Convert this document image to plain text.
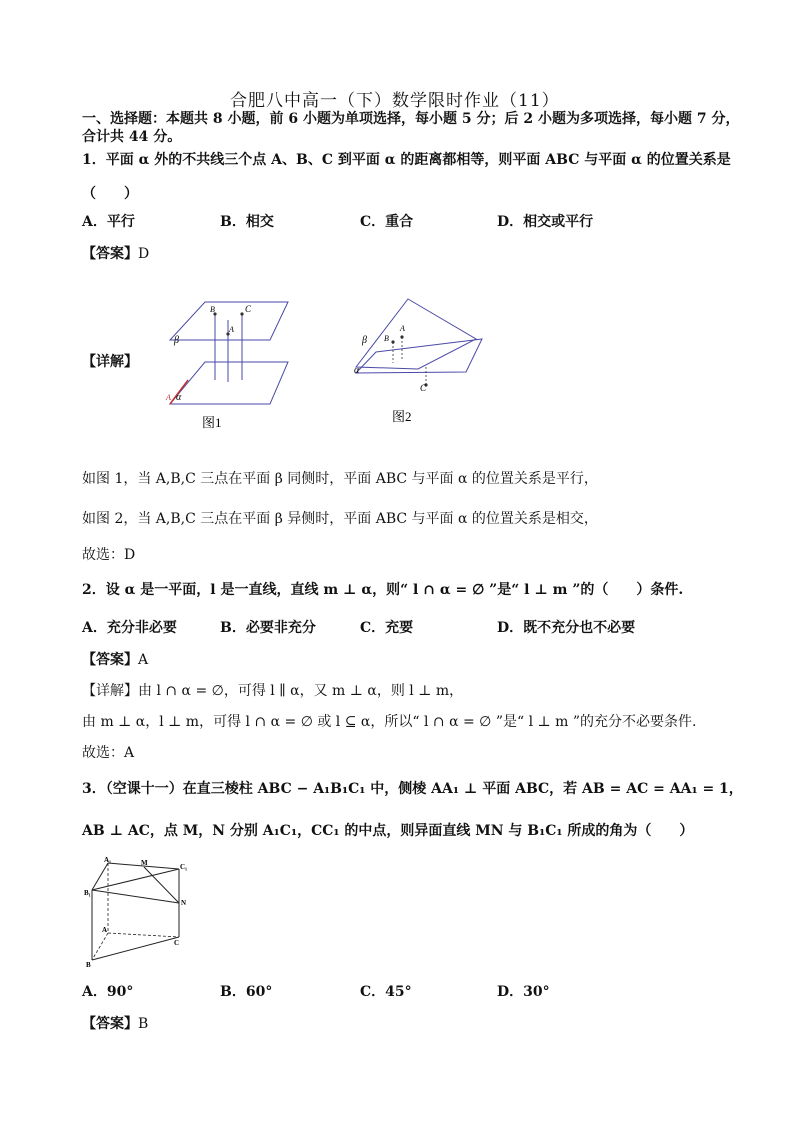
合肥八中高一（下）数学限时作业（11）
一、选择题：本题共 8 小题，前 6 小题为单项选择，每小题 5 分；后 2 小题为多项选择，每小题 7 分，
合计共 44 分。
1．平面 α 外的不共线三个点 A、B、C 到平面 α 的距离都相等，则平面 ABC 与平面 α 的位置关系是
（　　）
A．平行	B．相交	C．重合	D．相交或平行
【答案】D
【详解】
β
α
B	C
A
A
图1
β
α
A
B
C
图2
如图 1，当 A,B,C 三点在平面 β 同侧时，平面 ABC 与平面 α 的位置关系是平行，
如图 2，当 A,B,C 三点在平面 β 异侧时，平面 ABC 与平面 α 的位置关系是相交，
故选：D
2．设 α 是一平面，l 是一直线，直线 m ⊥ α，则“ l ∩ α = ∅ ”是“ l ⊥ m ”的（　　）条件.
A．充分非必要	B．必要非充分	C．充要	D．既不充分也不必要
【答案】A
【详解】由 l ∩ α = ∅，可得 l ∥ α，又 m ⊥ α，则 l ⊥ m，
由 m ⊥ α，l ⊥ m，可得 l ∩ α = ∅ 或 l ⊆ α，所以“ l ∩ α = ∅ ”是“ l ⊥ m ”的充分不必要条件.
故选：A
3．（空课十一）在直三棱柱 ABC − A₁B₁C₁ 中，侧棱 AA₁ ⊥ 平面 ABC，若 AB = AC = AA₁ = 1，
AB ⊥ AC，点 M，N 分别 A₁C₁，CC₁ 的中点，则异面直线 MN 与 B₁C₁ 所成的角为（　　）
A₁	M	C₁
B₁
N
A
C
B
A．90°	B．60°	C．45°	D．30°
【答案】B
